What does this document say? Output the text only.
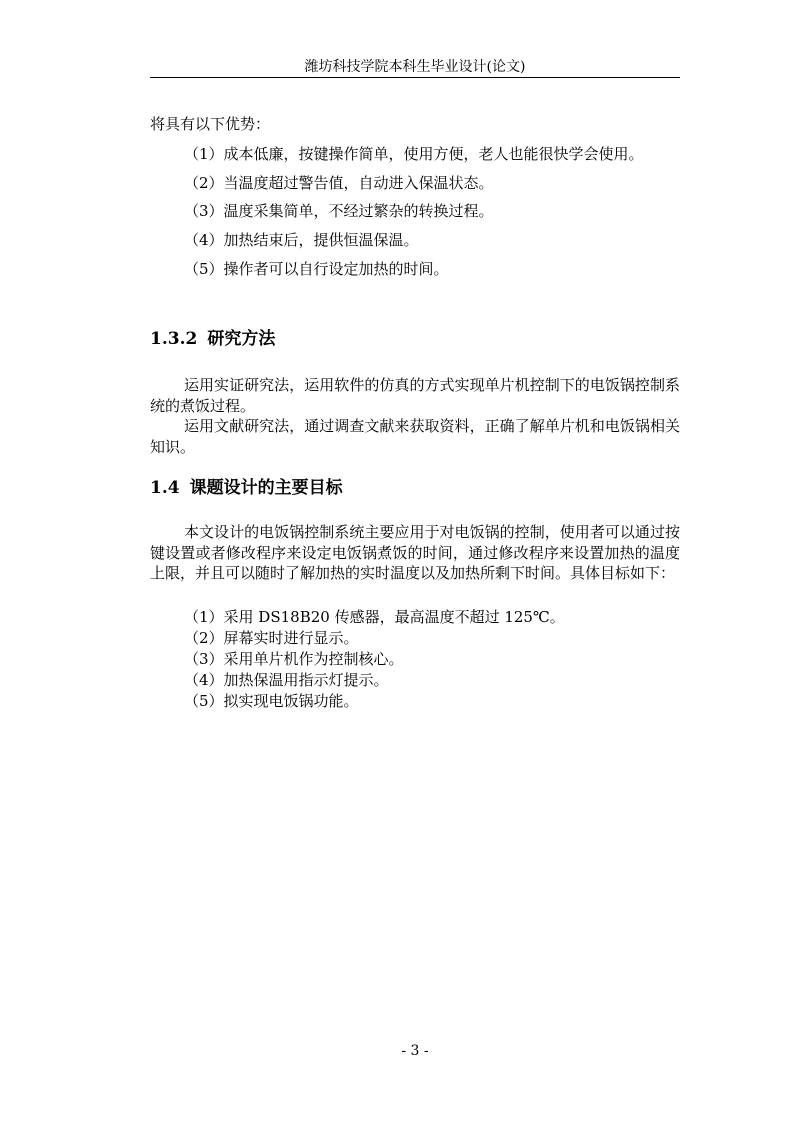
潍坊科技学院本科生毕业设计(论文)
将具有以下优势：
（1）成本低廉，按键操作简单，使用方便，老人也能很快学会使用。
（2）当温度超过警告值，自动进入保温状态。
（3）温度采集简单，不经过繁杂的转换过程。
（4）加热结束后，提供恒温保温。
（5）操作者可以自行设定加热的时间。
1.3.2 研究方法
运用实证研究法，运用软件的仿真的方式实现单片机控制下的电饭锅控制系统的煮饭过程。
运用文献研究法，通过调查文献来获取资料，正确了解单片机和电饭锅相关知识。
1.4 课题设计的主要目标
本文设计的电饭锅控制系统主要应用于对电饭锅的控制，使用者可以通过按键设置或者修改程序来设定电饭锅煮饭的时间，通过修改程序来设置加热的温度上限，并且可以随时了解加热的实时温度以及加热所剩下时间。具体目标如下：
（1）采用 DS18B20 传感器，最高温度不超过 125℃。
（2）屏幕实时进行显示。
（3）采用单片机作为控制核心。
（4）加热保温用指示灯提示。
（5）拟实现电饭锅功能。
- 3 -
